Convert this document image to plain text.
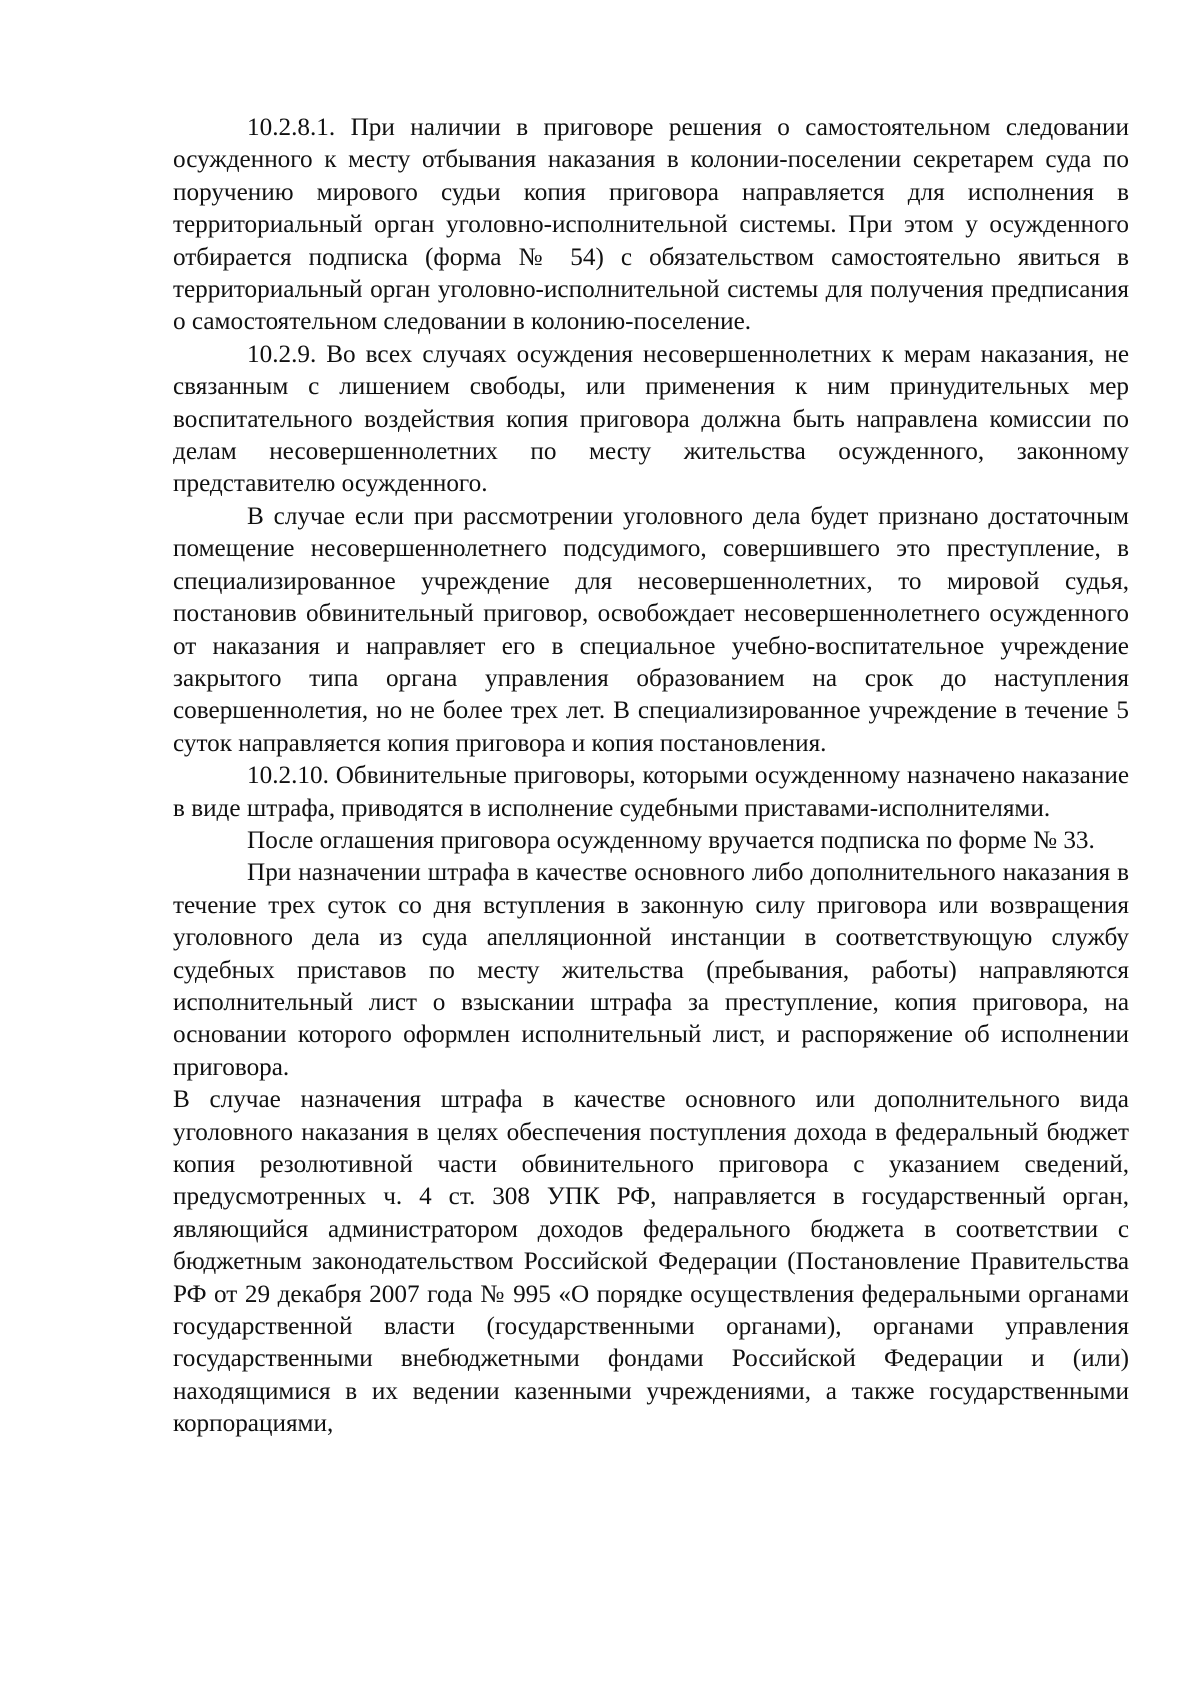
10.2.8.1. При наличии в приговоре решения о самостоятельном следовании осужденного к месту отбывания наказания в колонии-поселении секретарем суда по поручению мирового судьи копия приговора направляется для исполнения в территориальный орган уголовно-исполнительной системы. При этом у осужденного отбирается подписка (форма № 54) с обязательством самостоятельно явиться в территориальный орган уголовно-исполнительной системы для получения предписания о самостоятельном следовании в колонию-поселение.

10.2.9. Во всех случаях осуждения несовершеннолетних к мерам наказания, не связанным с лишением свободы, или применения к ним принудительных мер воспитательного воздействия копия приговора должна быть направлена комиссии по делам несовершеннолетних по месту жительства осужденного, законному представителю осужденного.

В случае если при рассмотрении уголовного дела будет признано достаточным помещение несовершеннолетнего подсудимого, совершившего это преступление, в специализированное учреждение для несовершеннолетних, то мировой судья, постановив обвинительный приговор, освобождает несовершеннолетнего осужденного от наказания и направляет его в специальное учебно-воспитательное учреждение закрытого типа органа управления образованием на срок до наступления совершеннолетия, но не более трех лет. В специализированное учреждение в течение 5 суток направляется копия приговора и копия постановления.

10.2.10. Обвинительные приговоры, которыми осужденному назначено наказание в виде штрафа, приводятся в исполнение судебными приставами-исполнителями.

После оглашения приговора осужденному вручается подписка по форме № 33.

При назначении штрафа в качестве основного либо дополнительного наказания в течение трех суток со дня вступления в законную силу приговора или возвращения уголовного дела из суда апелляционной инстанции в соответствующую службу судебных приставов по месту жительства (пребывания, работы) направляются исполнительный лист о взыскании штрафа за преступление, копия приговора, на основании которого оформлен исполнительный лист, и распоряжение об исполнении приговора.

В случае назначения штрафа в качестве основного или дополнительного вида уголовного наказания в целях обеспечения поступления дохода в федеральный бюджет копия резолютивной части обвинительного приговора с указанием сведений, предусмотренных ч. 4 ст. 308 УПК РФ, направляется в государственный орган, являющийся администратором доходов федерального бюджета в соответствии с бюджетным законодательством Российской Федерации (Постановление Правительства РФ от 29 декабря 2007 года № 995 «О порядке осуществления федеральными органами государственной власти (государственными органами), органами управления государственными внебюджетными фондами Российской Федерации и (или) находящимися в их ведении казенными учреждениями, а также государственными корпорациями,
